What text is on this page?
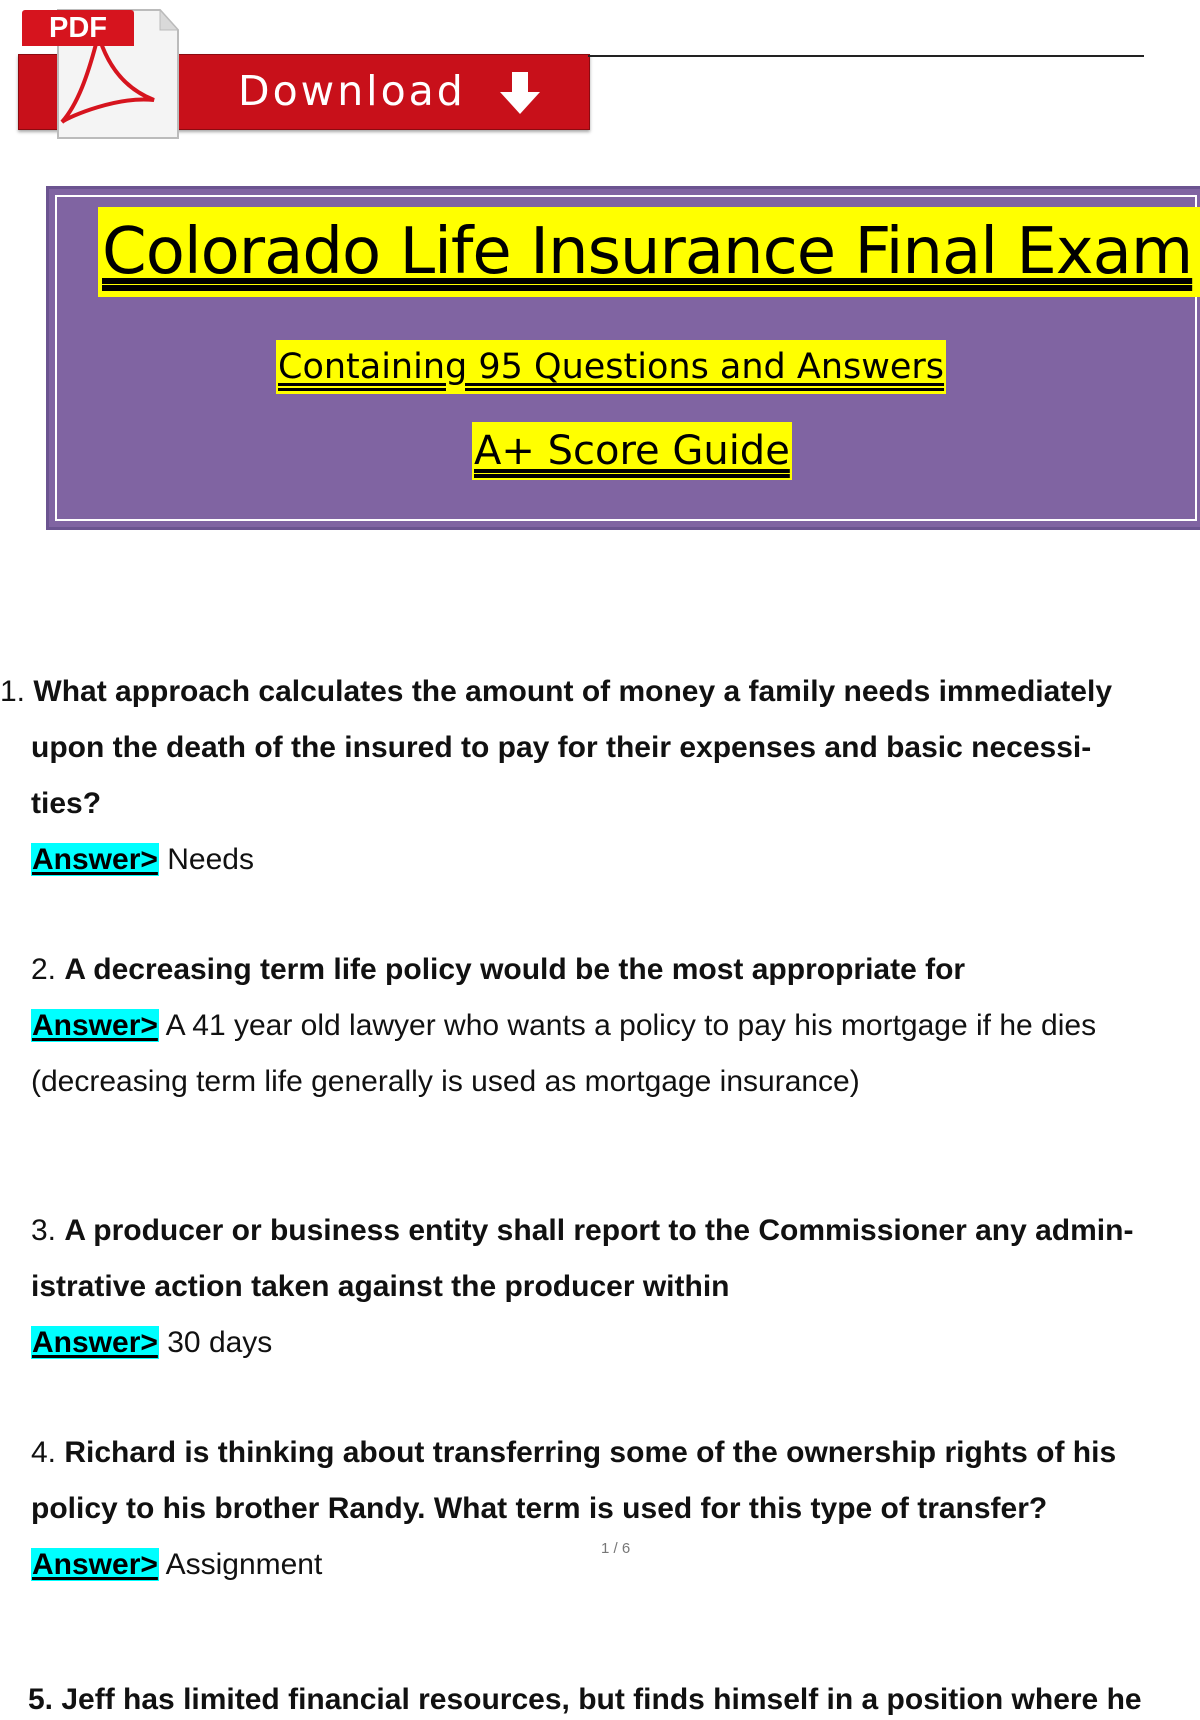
PDF
Download
Colorado Life Insurance Final Exam
Containing 95 Questions and Answers
A+ Score Guide

1. What approach calculates the amount of money a family needs immediately

upon the death of the insured to pay for their expenses and basic necessi-

ties?

Answer> Needs

2. A decreasing term life policy would be the most appropriate for

Answer> A 41 year old lawyer who wants a policy to pay his mortgage if he dies

(decreasing term life generally is used as mortgage insurance)

3. A producer or business entity shall report to the Commissioner any admin-

istrative action taken against the producer within

Answer> 30 days

4. Richard is thinking about transferring some of the ownership rights of his

policy to his brother Randy. What term is used for this type of transfer?

Answer> Assignment	1 / 6
5. Jeff has limited financial resources, but finds himself in a position where he
